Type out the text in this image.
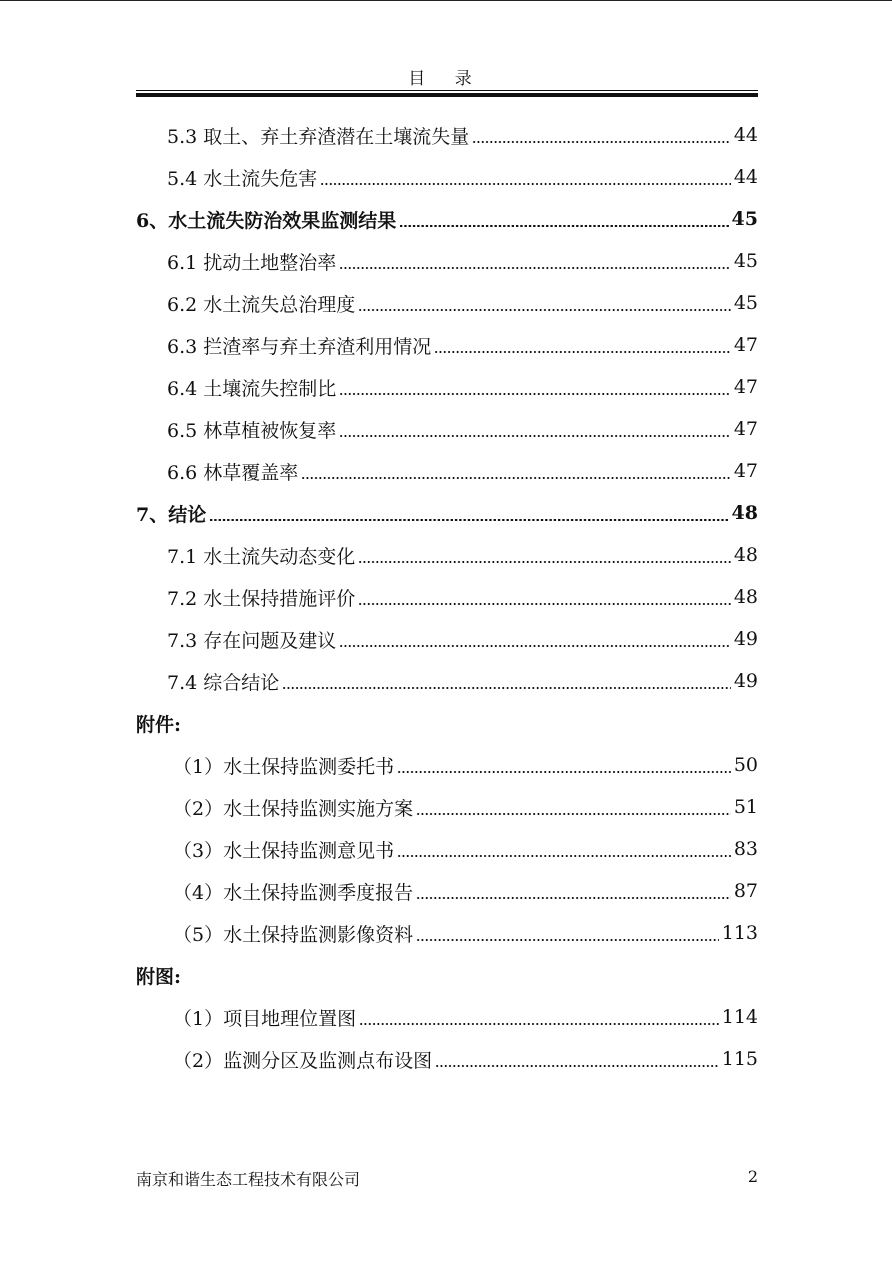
目 录
5.3 取土、弃土弃渣潜在土壤流失量	44
5.4 水土流失危害	44
6、水土流失防治效果监测结果	45
6.1 扰动土地整治率	45
6.2 水土流失总治理度	45
6.3 拦渣率与弃土弃渣利用情况	47
6.4 土壤流失控制比	47
6.5 林草植被恢复率	47
6.6 林草覆盖率	47
7、结论	48
7.1 水土流失动态变化	48
7.2 水土保持措施评价	48
7.3 存在问题及建议	49
7.4 综合结论	49
附件:
（1）水土保持监测委托书	50
（2）水土保持监测实施方案	51
（3）水土保持监测意见书	83
（4）水土保持监测季度报告	87
（5）水土保持监测影像资料	113
附图:
（1）项目地理位置图	114
（2）监测分区及监测点布设图	115
南京和谐生态工程技术有限公司	2
